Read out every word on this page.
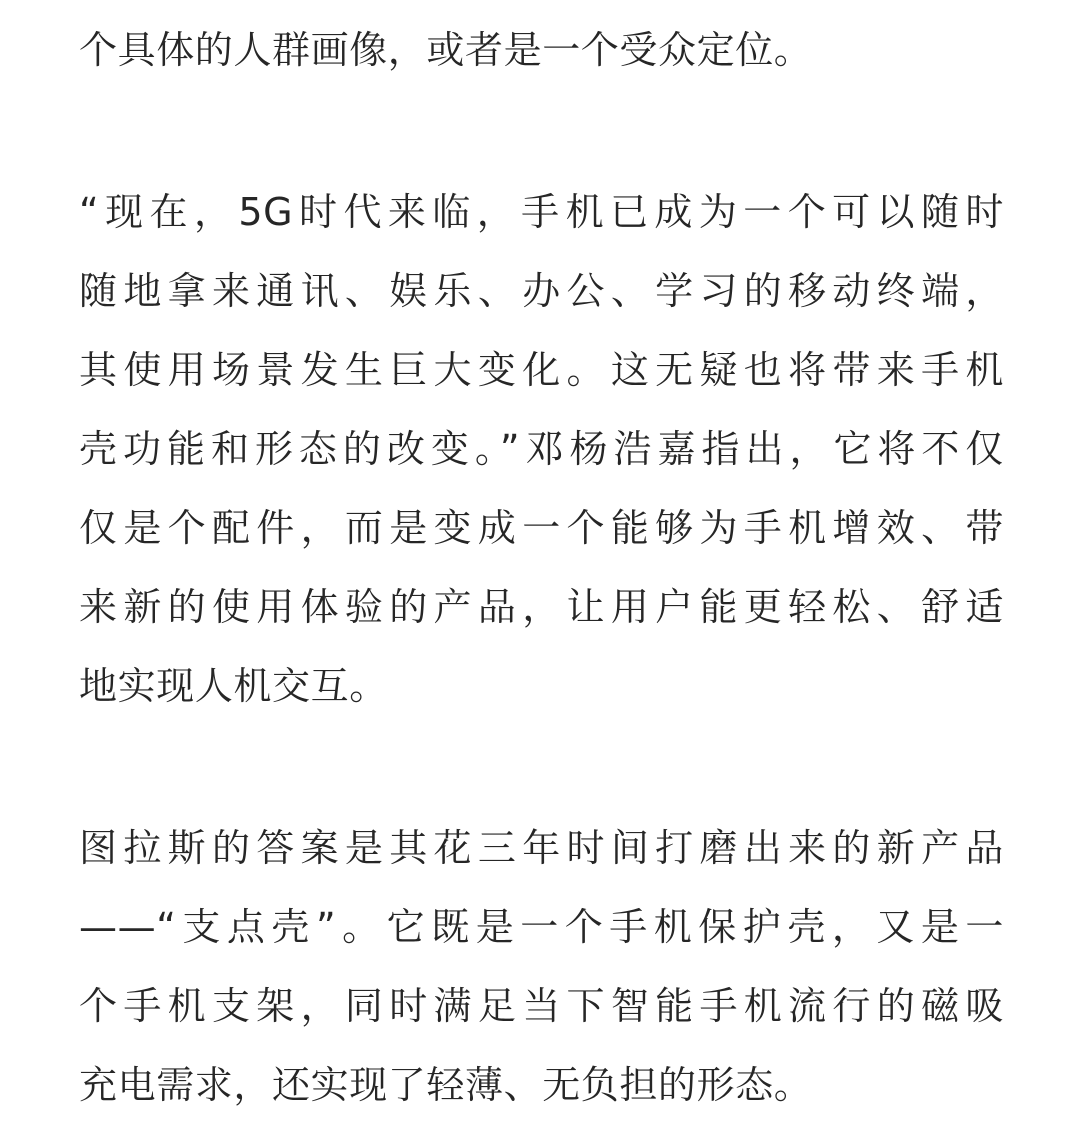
个具体的人群画像，或者是一个受众定位。
“现在，5G时代来临，手机已成为一个可以随时
随地拿来通讯、娱乐、办公、学习的移动终端，
其使用场景发生巨大变化。这无疑也将带来手机
壳功能和形态的改变。”邓杨浩嘉指出，它将不仅
仅是个配件，而是变成一个能够为手机增效、带
来新的使用体验的产品，让用户能更轻松、舒适
地实现人机交互。
图拉斯的答案是其花三年时间打磨出来的新产品
——“支点壳”。它既是一个手机保护壳，又是一
个手机支架，同时满足当下智能手机流行的磁吸
充电需求，还实现了轻薄、无负担的形态。
